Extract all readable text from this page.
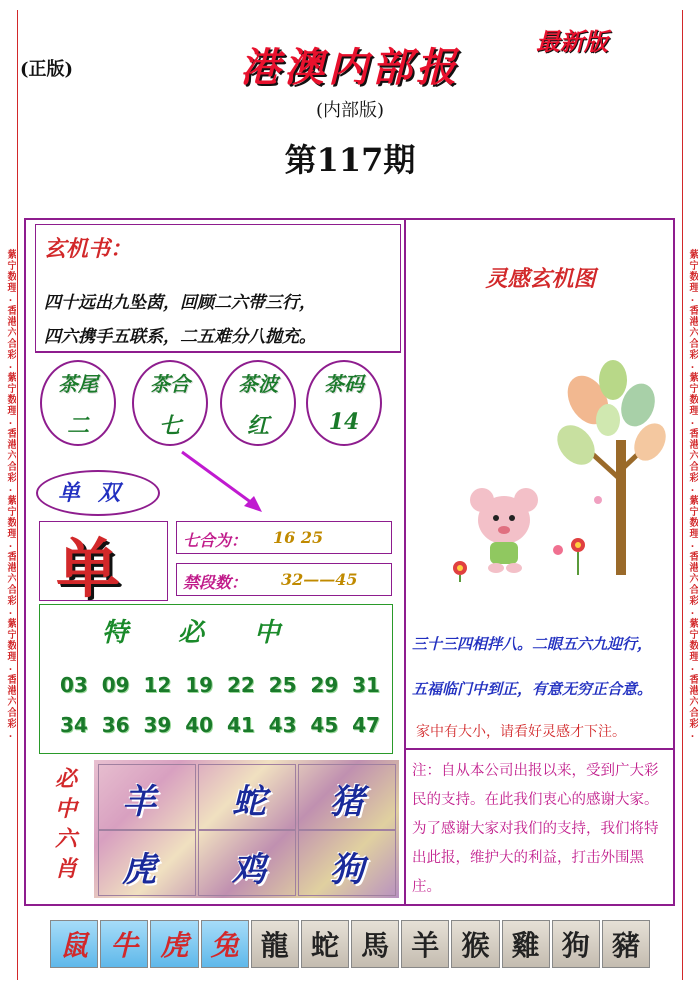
紫宁数理.香港六合彩.紫宁数理.香港六合彩.紫宁数理.香港六合彩.紫宁数理.香港六合彩.	紫宁数理.香港六合彩.紫宁数理.香港六合彩.紫宁数理.香港六合彩.紫宁数理.香港六合彩.
(正版)
最新版
港澳内部报
(内部版)
第117期
玄机书：
四十远出九坠茵，回顾二六带三行，
四六携手五联系，二五难分八抛充。
茶尾
二
茶合
七
茶波
红
茶码
14
单双
单	七合为： 16 25
禁段数： 32——45
特必中
03 09 12 19 22 25 29 31
34 36 39 40 41 43 45 47
必中六肖
羊 蛇 猪
虎 鸡 狗
灵感玄机图
三十三四相拌八。二眼五六九迎行，
五福临门中到正，有意无穷正合意。
家中有大小，请看好灵感才下注。
注：自从本公司出报以来，受到广大彩民的支持。在此我们衷心的感谢大家。为了感谢大家对我们的支持，我们将特出此报，维护大的利益，打击外围黑庄。
鼠 牛 虎 兔 龍 蛇 馬 羊 猴 雞 狗 豬
